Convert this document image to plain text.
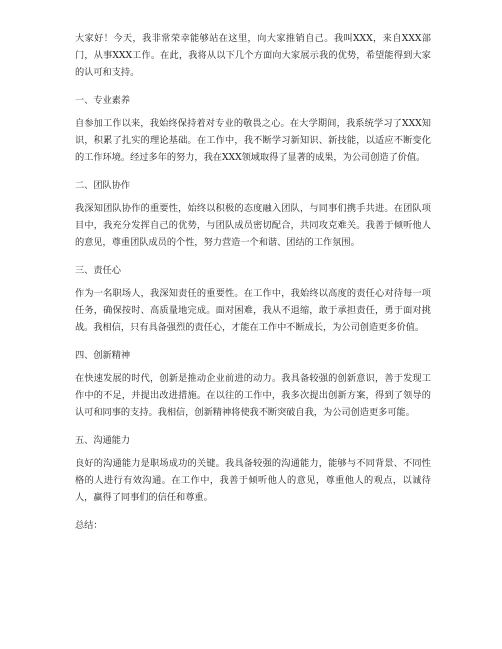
大家好！今天，我非常荣幸能够站在这里，向大家推销自己。我叫XXX，来自XXX部门，从事XXX工作。在此，我将从以下几个方面向大家展示我的优势，希望能得到大家的认可和支持。

一、专业素养

自参加工作以来，我始终保持着对专业的敬畏之心。在大学期间，我系统学习了XXX知识，积累了扎实的理论基础。在工作中，我不断学习新知识、新技能，以适应不断变化的工作环境。经过多年的努力，我在XXX领域取得了显著的成果，为公司创造了价值。

二、团队协作

我深知团队协作的重要性，始终以积极的态度融入团队，与同事们携手共进。在团队项目中，我充分发挥自己的优势，与团队成员密切配合，共同攻克难关。我善于倾听他人的意见，尊重团队成员的个性，努力营造一个和谐、团结的工作氛围。

三、责任心

作为一名职场人，我深知责任的重要性。在工作中，我始终以高度的责任心对待每一项任务，确保按时、高质量地完成。面对困难，我从不退缩，敢于承担责任，勇于面对挑战。我相信，只有具备强烈的责任心，才能在工作中不断成长，为公司创造更多价值。

四、创新精神

在快速发展的时代，创新是推动企业前进的动力。我具备较强的创新意识，善于发现工作中的不足，并提出改进措施。在以往的工作中，我多次提出创新方案，得到了领导的认可和同事的支持。我相信，创新精神将使我不断突破自我，为公司创造更多可能。

五、沟通能力

良好的沟通能力是职场成功的关键。我具备较强的沟通能力，能够与不同背景、不同性格的人进行有效沟通。在工作中，我善于倾听他人的意见，尊重他人的观点，以诚待人，赢得了同事们的信任和尊重。

总结：
